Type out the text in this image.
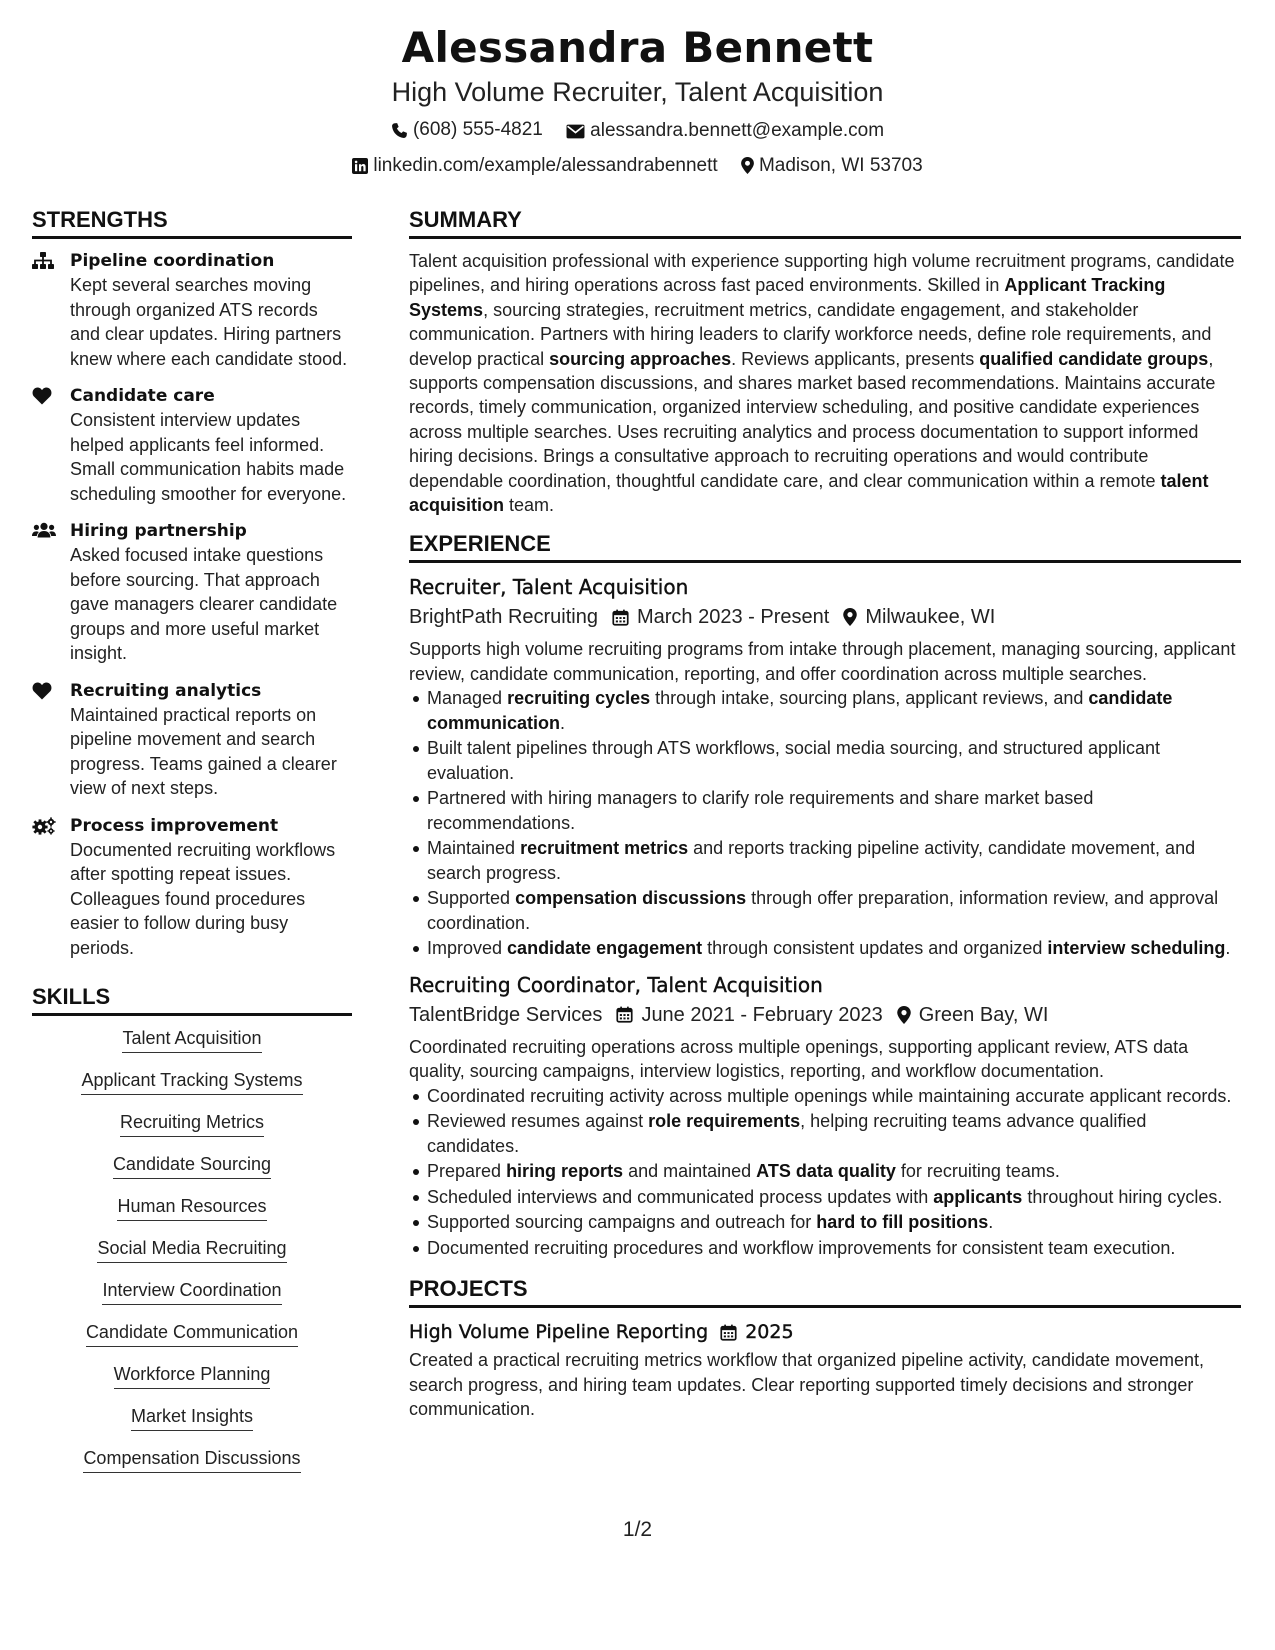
Alessandra Bennett
High Volume Recruiter, Talent Acquisition
(608) 555-4821
alessandra.bennett@example.com
linkedin.com/example/alessandrabennett
Madison, WI 53703
STRENGTHS
Pipeline coordination
Kept several searches moving through organized ATS records and clear updates. Hiring partners knew where each candidate stood.
Candidate care
Consistent interview updates helped applicants feel informed. Small communication habits made scheduling smoother for everyone.
Hiring partnership
Asked focused intake questions before sourcing. That approach gave managers clearer candidate groups and more useful market insight.
Recruiting analytics
Maintained practical reports on pipeline movement and search progress. Teams gained a clearer view of next steps.
Process improvement
Documented recruiting workflows after spotting repeat issues. Colleagues found procedures easier to follow during busy periods.
SKILLS
Talent Acquisition
Applicant Tracking Systems
Recruiting Metrics
Candidate Sourcing
Human Resources
Social Media Recruiting
Interview Coordination
Candidate Communication
Workforce Planning
Market Insights
Compensation Discussions
SUMMARY
Talent acquisition professional with experience supporting high volume recruitment programs, candidate pipelines, and hiring operations across fast paced environments. Skilled in Applicant Tracking Systems, sourcing strategies, recruitment metrics, candidate engagement, and stakeholder communication. Partners with hiring leaders to clarify workforce needs, define role requirements, and develop practical sourcing approaches. Reviews applicants, presents qualified candidate groups, supports compensation discussions, and shares market based recommendations. Maintains accurate records, timely communication, organized interview scheduling, and positive candidate experiences across multiple searches. Uses recruiting analytics and process documentation to support informed hiring decisions. Brings a consultative approach to recruiting operations and would contribute dependable coordination, thoughtful candidate care, and clear communication within a remote talent acquisition team.
EXPERIENCE
Recruiter, Talent Acquisition
BrightPath Recruiting March 2023 - Present Milwaukee, WI
Supports high volume recruiting programs from intake through placement, managing sourcing, applicant review, candidate communication, reporting, and offer coordination across multiple searches.
Managed recruiting cycles through intake, sourcing plans, applicant reviews, and candidate communication.
Built talent pipelines through ATS workflows, social media sourcing, and structured applicant evaluation.
Partnered with hiring managers to clarify role requirements and share market based recommendations.
Maintained recruitment metrics and reports tracking pipeline activity, candidate movement, and search progress.
Supported compensation discussions through offer preparation, information review, and approval coordination.
Improved candidate engagement through consistent updates and organized interview scheduling.
Recruiting Coordinator, Talent Acquisition
TalentBridge Services June 2021 - February 2023 Green Bay, WI
Coordinated recruiting operations across multiple openings, supporting applicant review, ATS data quality, sourcing campaigns, interview logistics, reporting, and workflow documentation.
Coordinated recruiting activity across multiple openings while maintaining accurate applicant records.
Reviewed resumes against role requirements, helping recruiting teams advance qualified candidates.
Prepared hiring reports and maintained ATS data quality for recruiting teams.
Scheduled interviews and communicated process updates with applicants throughout hiring cycles.
Supported sourcing campaigns and outreach for hard to fill positions.
Documented recruiting procedures and workflow improvements for consistent team execution.
PROJECTS
High Volume Pipeline Reporting 2025
Created a practical recruiting metrics workflow that organized pipeline activity, candidate movement, search progress, and hiring team updates. Clear reporting supported timely decisions and stronger communication.
1/2
